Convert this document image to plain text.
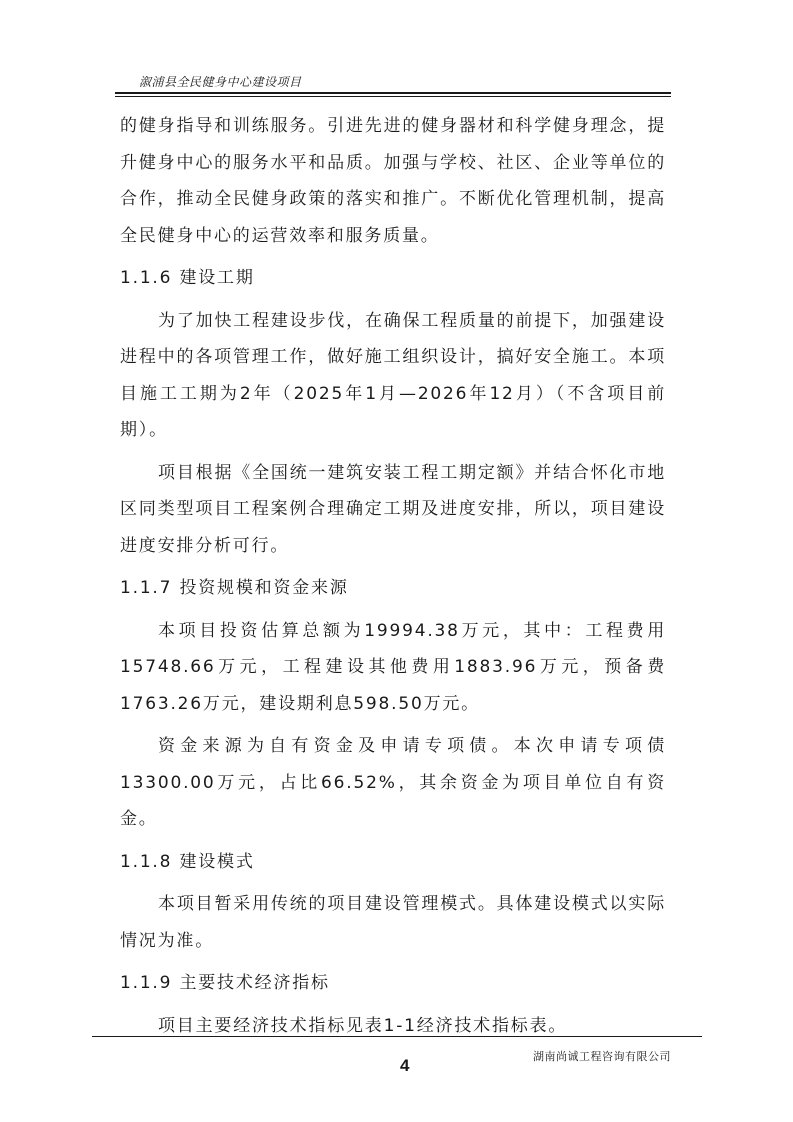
溆浦县全民健身中心建设项目

的健身指导和训练服务。引进先进的健身器材和科学健身理念，提升健身中心的服务水平和品质。加强与学校、社区、企业等单位的合作，推动全民健身政策的落实和推广。不断优化管理机制，提高全民健身中心的运营效率和服务质量。

1.1.6 建设工期

为了加快工程建设步伐，在确保工程质量的前提下，加强建设进程中的各项管理工作，做好施工组织设计，搞好安全施工。本项目施工工期为2年（2025年1月—2026年12月）（不含项目前期）。

项目根据《全国统一建筑安装工程工期定额》并结合怀化市地区同类型项目工程案例合理确定工期及进度安排，所以，项目建设进度安排分析可行。

1.1.7 投资规模和资金来源

本项目投资估算总额为19994.38万元，其中：工程费用15748.66万元，工程建设其他费用1883.96万元，预备费1763.26万元，建设期利息598.50万元。

资金来源为自有资金及申请专项债。本次申请专项债13300.00万元，占比66.52%，其余资金为项目单位自有资金。

1.1.8 建设模式

本项目暂采用传统的项目建设管理模式。具体建设模式以实际情况为准。

1.1.9 主要技术经济指标

项目主要经济技术指标见表1-1经济技术指标表。

4	湖南尚诚工程咨询有限公司
